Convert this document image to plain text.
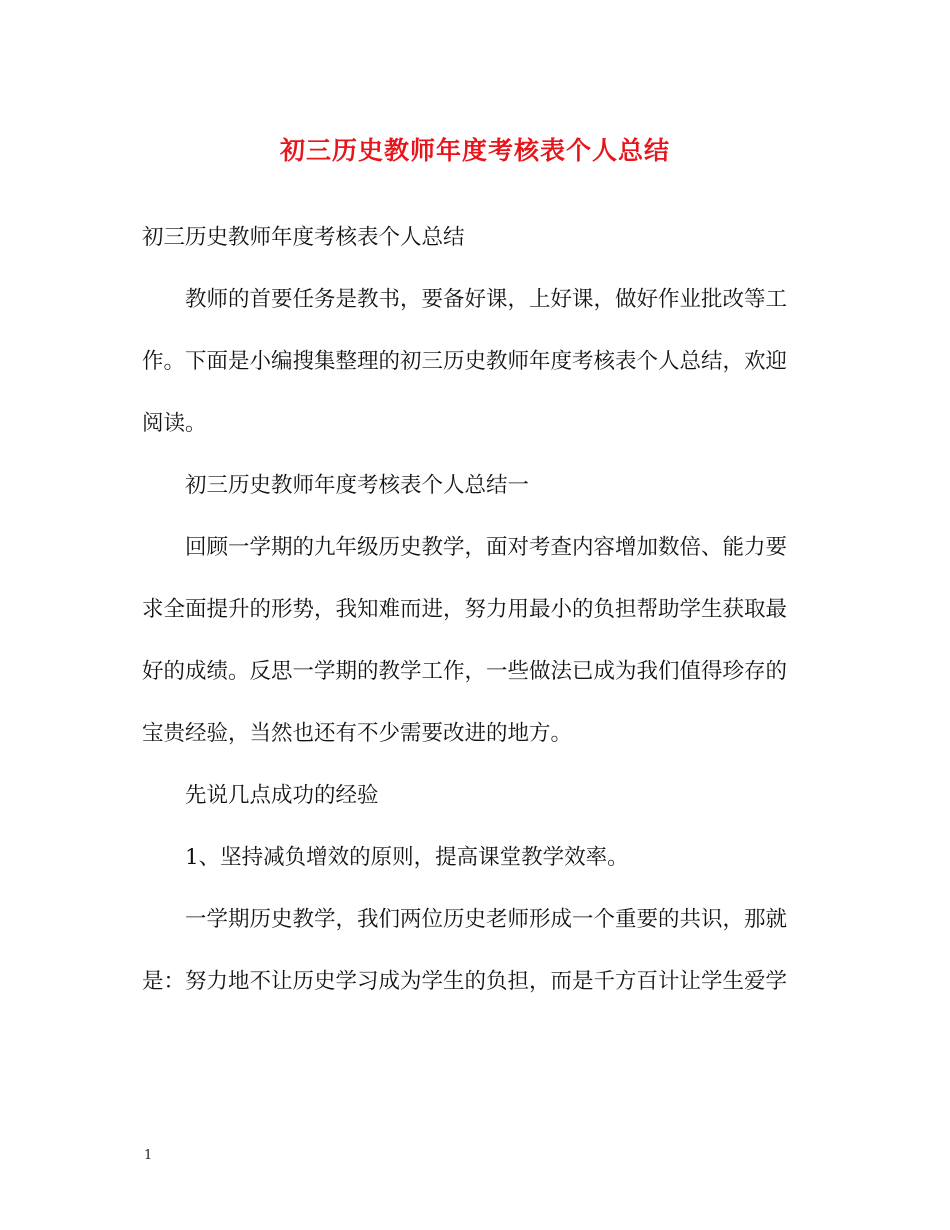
初三历史教师年度考核表个人总结

初三历史教师年度考核表个人总结

教师的首要任务是教书，要备好课，上好课，做好作业批改等工
作。下面是小编搜集整理的初三历史教师年度考核表个人总结，欢迎
阅读。

初三历史教师年度考核表个人总结一

回顾一学期的九年级历史教学，面对考查内容增加数倍、能力要
求全面提升的形势，我知难而进，努力用最小的负担帮助学生获取最
好的成绩。反思一学期的教学工作，一些做法已成为我们值得珍存的
宝贵经验，当然也还有不少需要改进的地方。

先说几点成功的经验

1、坚持减负增效的原则，提高课堂教学效率。

一学期历史教学，我们两位历史老师形成一个重要的共识，那就
是：努力地不让历史学习成为学生的负担，而是千方百计让学生爱学

1
